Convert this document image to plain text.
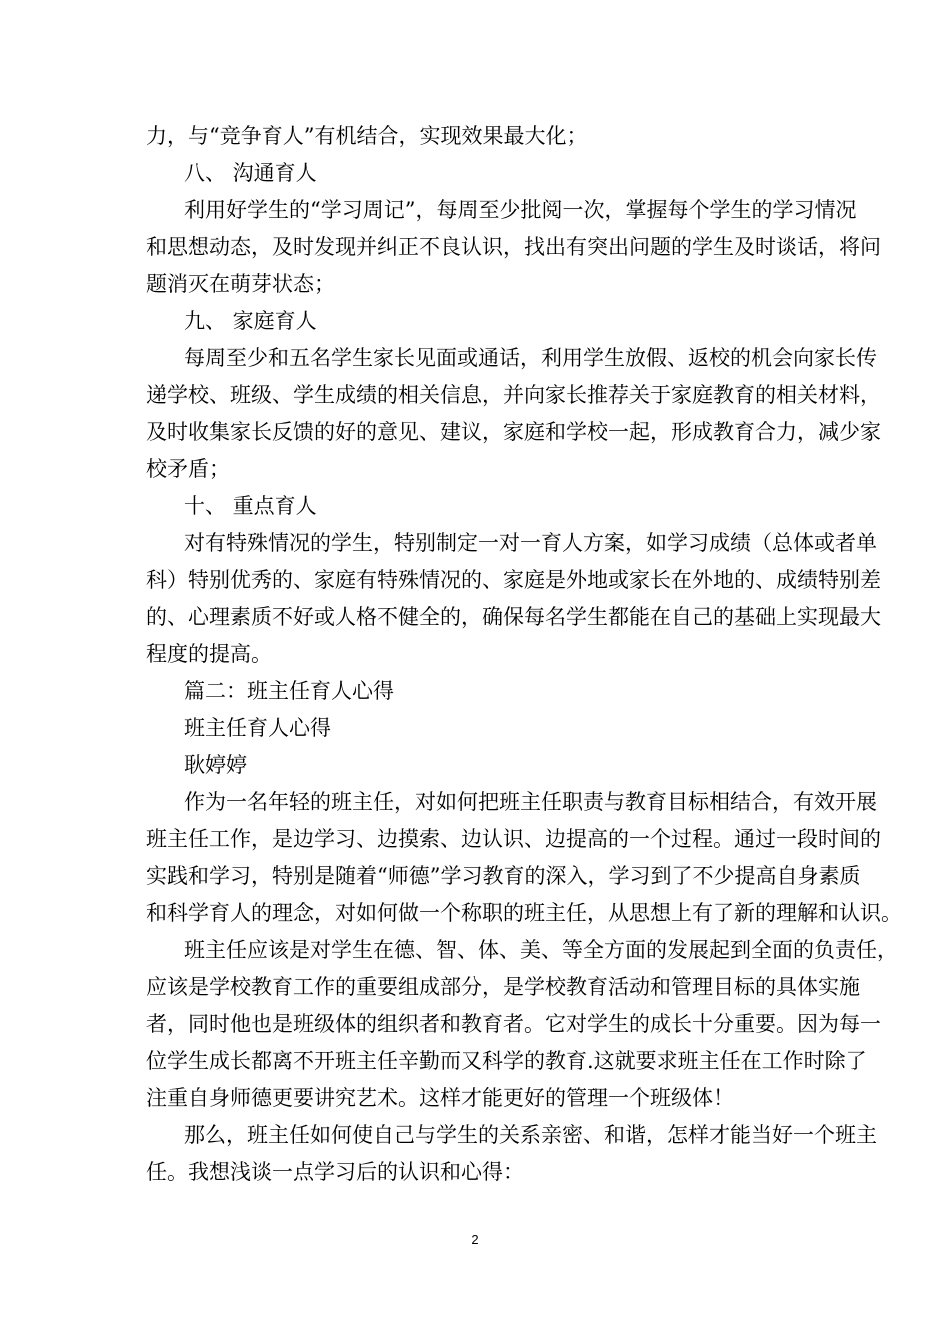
力，与“竞争育人”有机结合，实现效果最大化；
八、 沟通育人
利用好学生的“学习周记”，每周至少批阅一次，掌握每个学生的学习情况
和思想动态，及时发现并纠正不良认识，找出有突出问题的学生及时谈话，将问
题消灭在萌芽状态；
九、 家庭育人
每周至少和五名学生家长见面或通话，利用学生放假、返校的机会向家长传
递学校、班级、学生成绩的相关信息，并向家长推荐关于家庭教育的相关材料，
及时收集家长反馈的好的意见、建议，家庭和学校一起，形成教育合力，减少家
校矛盾；
十、 重点育人
对有特殊情况的学生，特别制定一对一育人方案，如学习成绩（总体或者单
科）特别优秀的、家庭有特殊情况的、家庭是外地或家长在外地的、成绩特别差
的、心理素质不好或人格不健全的，确保每名学生都能在自己的基础上实现最大
程度的提高。
篇二：班主任育人心得
班主任育人心得
耿婷婷
作为一名年轻的班主任，对如何把班主任职责与教育目标相结合，有效开展
班主任工作，是边学习、边摸索、边认识、边提高的一个过程。通过一段时间的
实践和学习，特别是随着“师德”学习教育的深入，学习到了不少提高自身素质
和科学育人的理念，对如何做一个称职的班主任，从思想上有了新的理解和认识。
班主任应该是对学生在德、智、体、美、等全方面的发展起到全面的负责任，
应该是学校教育工作的重要组成部分，是学校教育活动和管理目标的具体实施
者，同时他也是班级体的组织者和教育者。它对学生的成长十分重要。因为每一
位学生成长都离不开班主任辛勤而又科学的教育.这就要求班主任在工作时除了
注重自身师德更要讲究艺术。这样才能更好的管理一个班级体！
那么，班主任如何使自己与学生的关系亲密、和谐，怎样才能当好一个班主
任。我想浅谈一点学习后的认识和心得：
2
